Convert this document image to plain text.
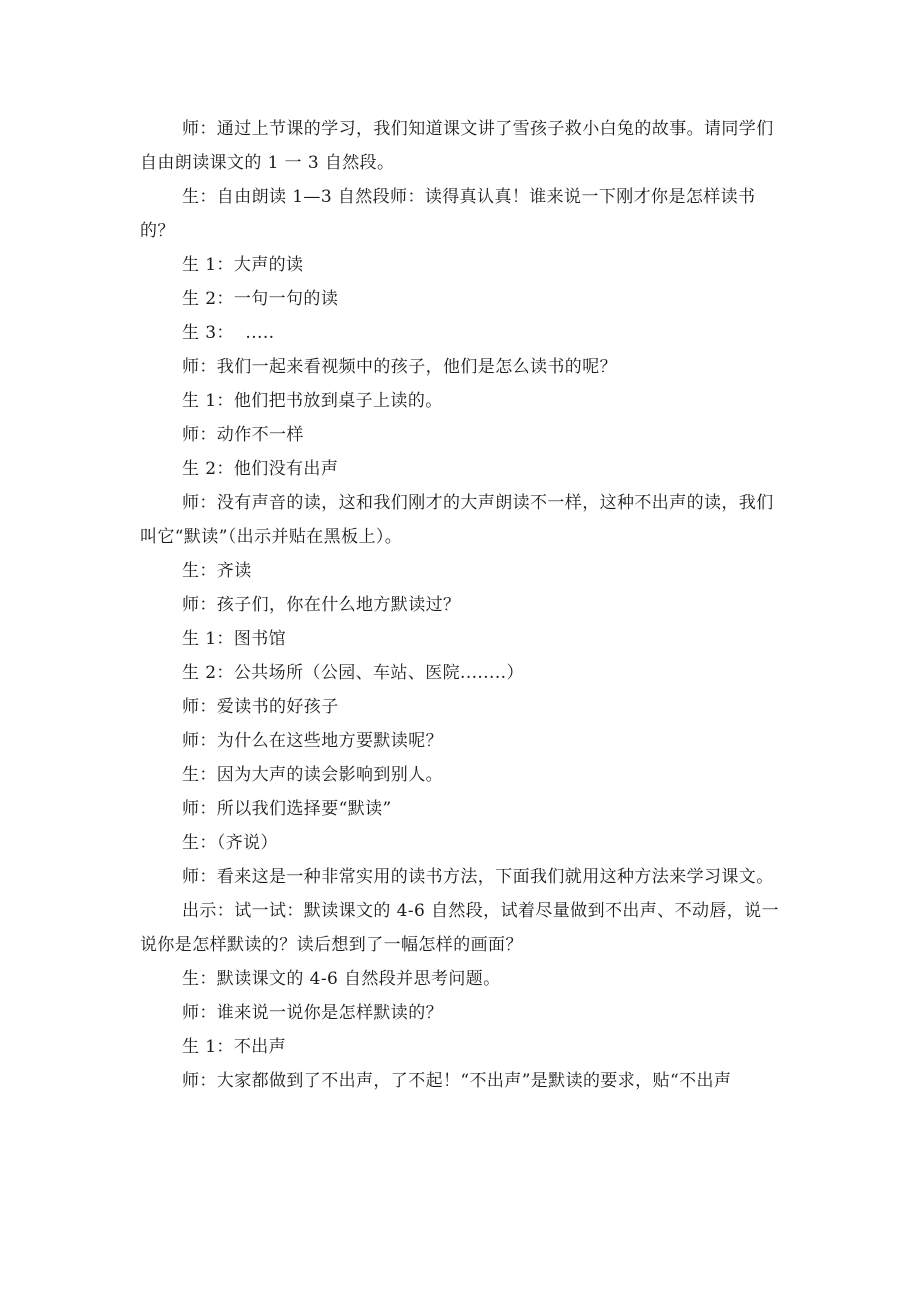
师：通过上节课的学习，我们知道课文讲了雪孩子救小白兔的故事。请同学们自由朗读课文的 1 一 3 自然段。

生：自由朗读 1—3 自然段师：读得真认真！谁来说一下刚才你是怎样读书的？

生 1：大声的读

生 2：一句一句的读

生 3：  .....

师：我们一起来看视频中的孩子，他们是怎么读书的呢？

生 1：他们把书放到桌子上读的。

师：动作不一样

生 2：他们没有出声

师：没有声音的读，这和我们刚才的大声朗读不一样，这种不出声的读，我们叫它“默读”（出示并贴在黑板上）。

生：齐读

师：孩子们，你在什么地方默读过？

生 1：图书馆

生 2：公共场所（公园、车站、医院........）

师：爱读书的好孩子

师：为什么在这些地方要默读呢？

生：因为大声的读会影响到别人。

师：所以我们选择要“默读”

生：（齐说）

师：看来这是一种非常实用的读书方法，下面我们就用这种方法来学习课文。

出示：试一试：默读课文的 4-6 自然段，试着尽量做到不出声、不动唇，说一说你是怎样默读的？读后想到了一幅怎样的画面？

生：默读课文的 4-6 自然段并思考问题。

师：谁来说一说你是怎样默读的？

生 1：不出声

师：大家都做到了不出声，了不起！“不出声”是默读的要求，贴“不出声
